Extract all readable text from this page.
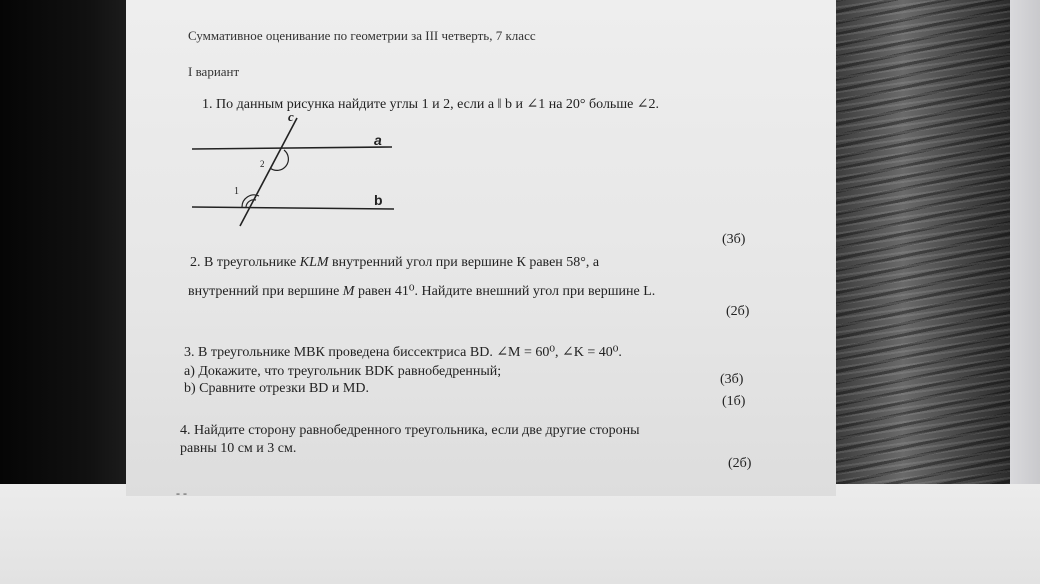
Суммативное оценивание по геометрии за III четверть, 7 класс
I вариант
1. По данным рисунка найдите углы 1 и 2, если a ǁ b и ∠1 на 20° больше ∠2.
c
a
b
2
1
(3б)
2. В треугольнике KLM внутренний угол при вершине К равен 58°, а
внутренний при вершине M равен 41⁰. Найдите внешний угол при вершине L.
(2б)
3. В треугольнике МВК проведена биссектриса BD. ∠M = 60⁰, ∠K = 40⁰.
a) Докажите, что треугольник BDK равнобедренный;
(3б)
b) Сравните отрезки BD и MD.
(1б)
4. Найдите сторону равнобедренного треугольника, если две другие стороны
равны 10 см и 3 см.
(2б)
- -
